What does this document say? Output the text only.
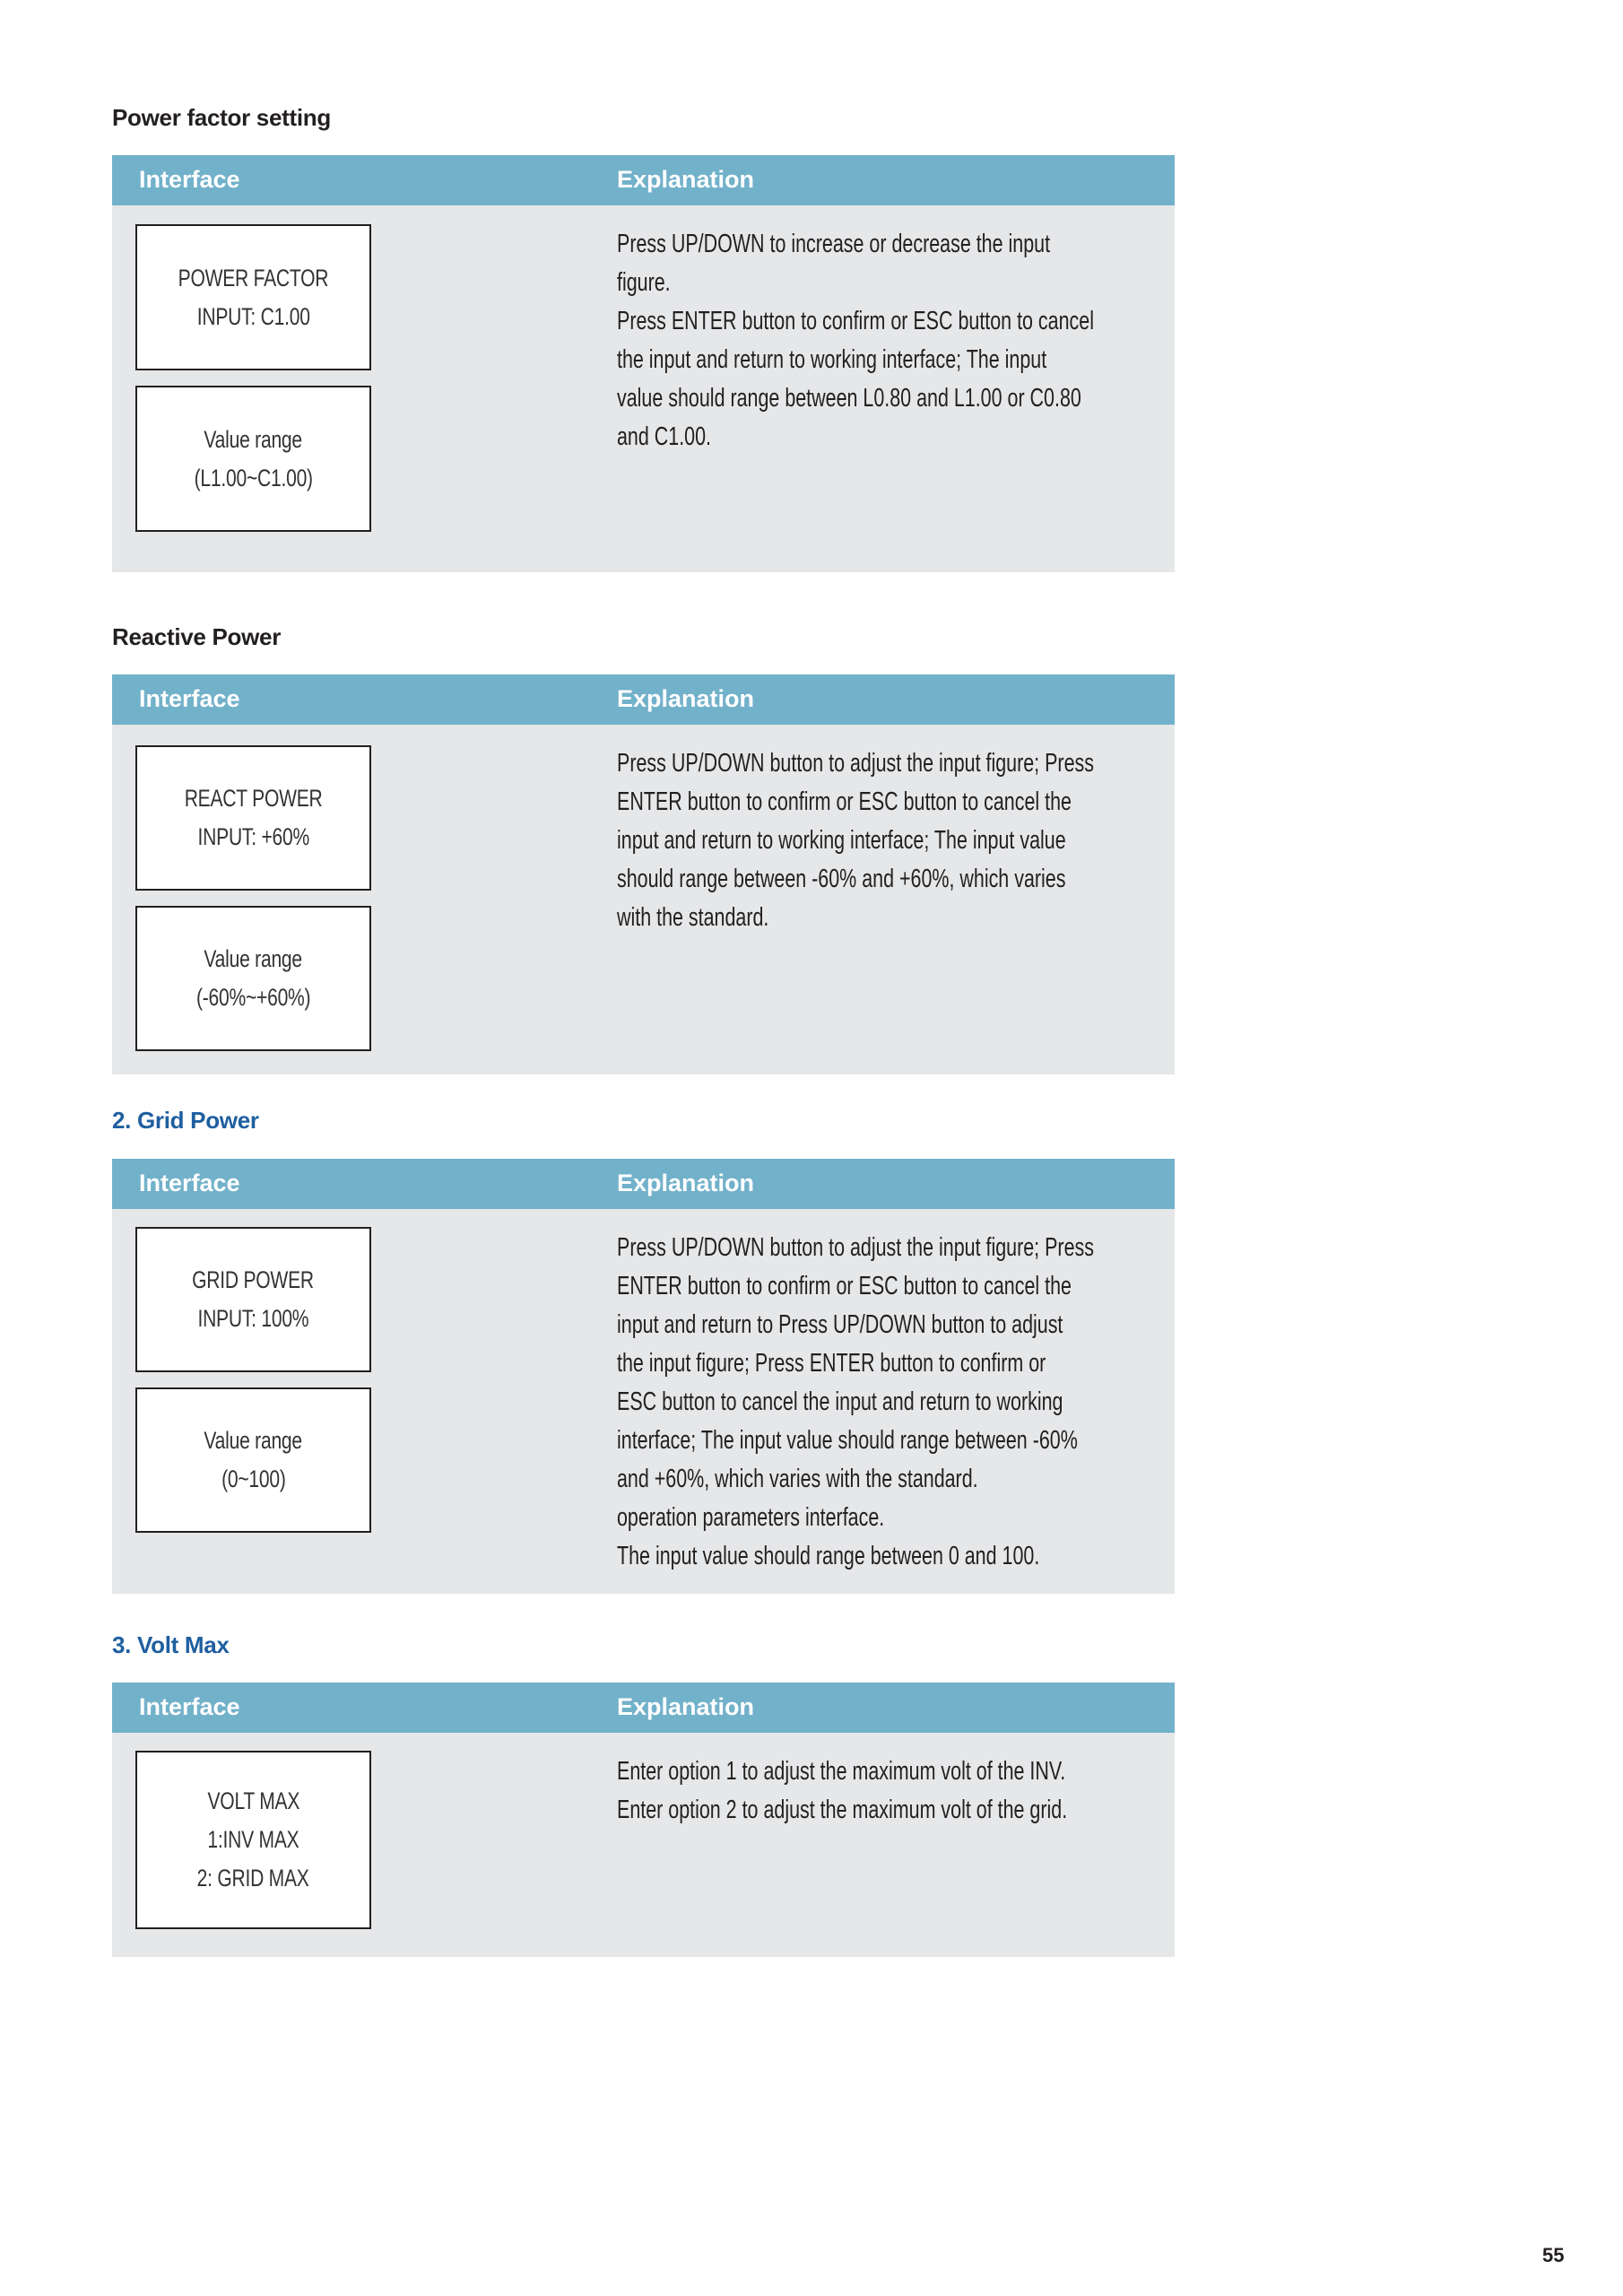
Power factor setting
Interface	Explanation
POWER FACTOR
INPUT: C1.00
Value range
(L1.00~C1.00)
Press UP/DOWN to increase or decrease the input
figure.
Press ENTER button to confirm or ESC button to cancel
the input and return to working interface; The input
value should range between L0.80 and L1.00 or C0.80
and C1.00.
Reactive Power
Interface	Explanation
REACT POWER
INPUT: +60%
Value range
(-60%~+60%)
Press UP/DOWN button to adjust the input figure; Press
ENTER button to confirm or ESC button to cancel the
input and return to working interface; The input value
should range between -60% and +60%, which varies
with the standard.
2. Grid Power
Interface	Explanation
GRID POWER
INPUT: 100%
Value range
(0~100)
Press UP/DOWN button to adjust the input figure; Press
ENTER button to confirm or ESC button to cancel the
input and return to Press UP/DOWN button to adjust
the input figure; Press ENTER button to confirm or
ESC button to cancel the input and return to working
interface; The input value should range between -60%
and +60%, which varies with the standard.
operation parameters interface.
The input value should range between 0 and 100.
3. Volt Max
Interface	Explanation
VOLT MAX
1:INV MAX
2: GRID MAX
Enter option 1 to adjust the maximum volt of the INV.
Enter option 2 to adjust the maximum volt of the grid.
55
